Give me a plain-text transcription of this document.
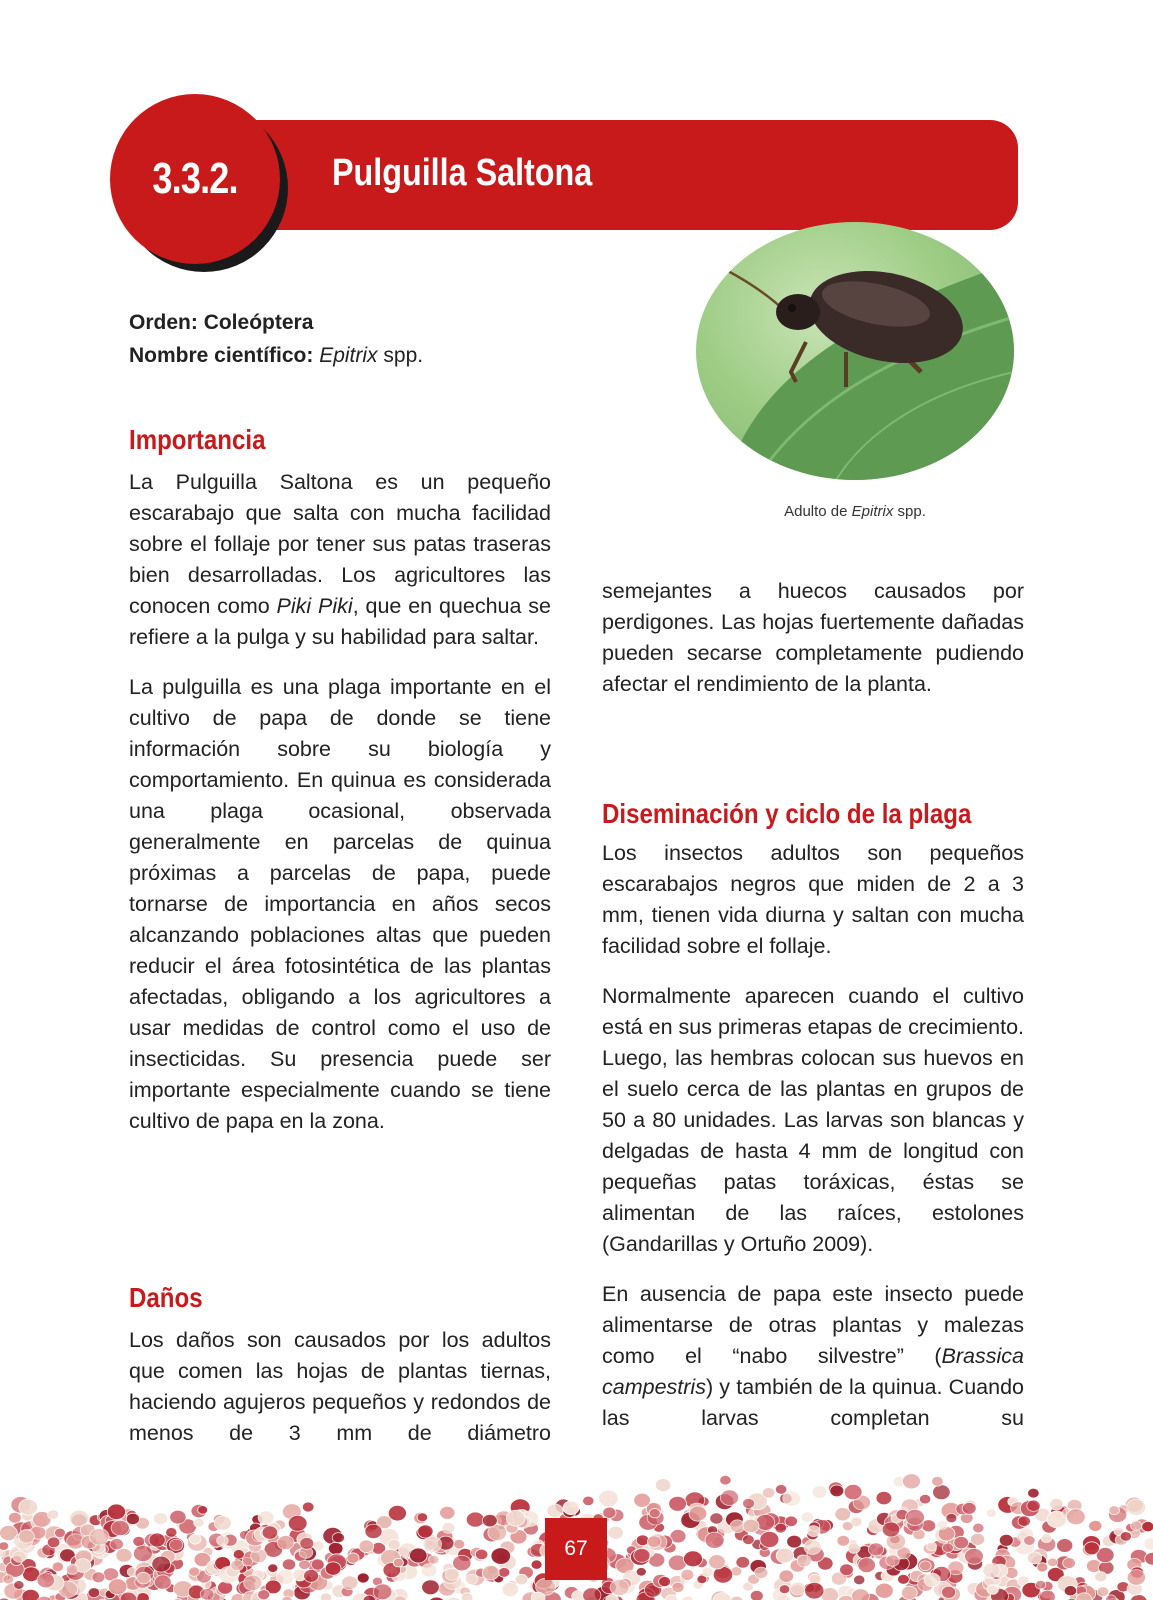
3.3.2. Pulguilla Saltona
Adulto de Epitrix spp.
Orden: Coleóptera
Nombre científico: Epitrix spp.
Importancia

La Pulguilla Saltona es un pequeño escarabajo que salta con mucha facilidad sobre el follaje por tener sus patas traseras bien desarrolladas. Los agricultores las conocen como Piki Piki, que en quechua se refiere a la pulga y su habilidad para saltar.

La pulguilla es una plaga importante en el cultivo de papa de donde se tiene información sobre su biología y comportamiento. En quinua es considerada una plaga ocasional, observada generalmente en parcelas de quinua próximas a parcelas de papa, puede tornarse de importancia en años secos alcanzando poblaciones altas que pueden reducir el área fotosintética de las plantas afectadas, obligando a los agricultores a usar medidas de control como el uso de insecticidas. Su presencia puede ser importante especialmente cuando se tiene cultivo de papa en la zona.

Daños

Los daños son causados por los adultos que comen las hojas de plantas tiernas, haciendo agujeros pequeños y redondos de menos de 3 mm de diámetro

semejantes a huecos causados por perdigones. Las hojas fuertemente dañadas pueden secarse completamente pudiendo afectar el rendimiento de la planta.

Diseminación y ciclo de la plaga

Los insectos adultos son pequeños escarabajos negros que miden de 2 a 3 mm, tienen vida diurna y saltan con mucha facilidad sobre el follaje.

Normalmente aparecen cuando el cultivo está en sus primeras etapas de crecimiento. Luego, las hembras colocan sus huevos en el suelo cerca de las plantas en grupos de 50 a 80 unidades. Las larvas son blancas y delgadas de hasta 4 mm de longitud con pequeñas patas toráxicas, éstas se alimentan de las raíces, estolones (Gandarillas y Ortuño 2009).

En ausencia de papa este insecto puede alimentarse de otras plantas y malezas como el “nabo silvestre” (Brassica campestris) y también de la quinua. Cuando las larvas completan su

67
